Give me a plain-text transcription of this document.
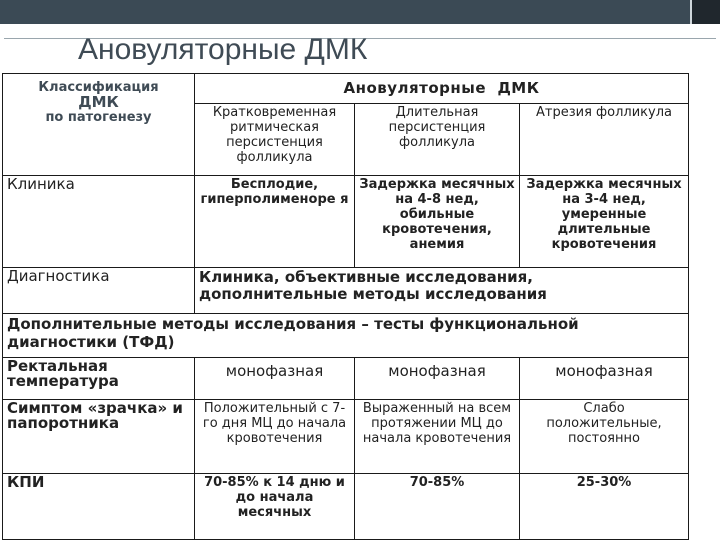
Ановуляторные ДМК
Классификация
ДМК
по патогенезу	Ановуляторные  ДМК		
	Кратковременная ритмическая персистенция фолликула	Длительная персистенция фолликула	Атрезия фолликула
Клиника	Бесплодие, гиперполименоре я	Задержка месячных на 4-8 нед, обильные кровотечения, анемия	Задержка месячных на 3-4 нед, умеренные длительные кровотечения
Диагностика	Клиника, объективные исследования, дополнительные методы исследования		
Дополнительные методы исследования – тесты функциональной диагностики (ТФД)			
Ректальная температура	монофазная	монофазная	монофазная
Симптом «зрачка» и папоротника	Положительный с 7-го дня МЦ до начала кровотечения	Выраженный на всем протяжении МЦ до начала кровотечения	Слабо положительные, постоянно
КПИ	70-85% к 14 дню и до начала месячных	70-85%	25-30%
